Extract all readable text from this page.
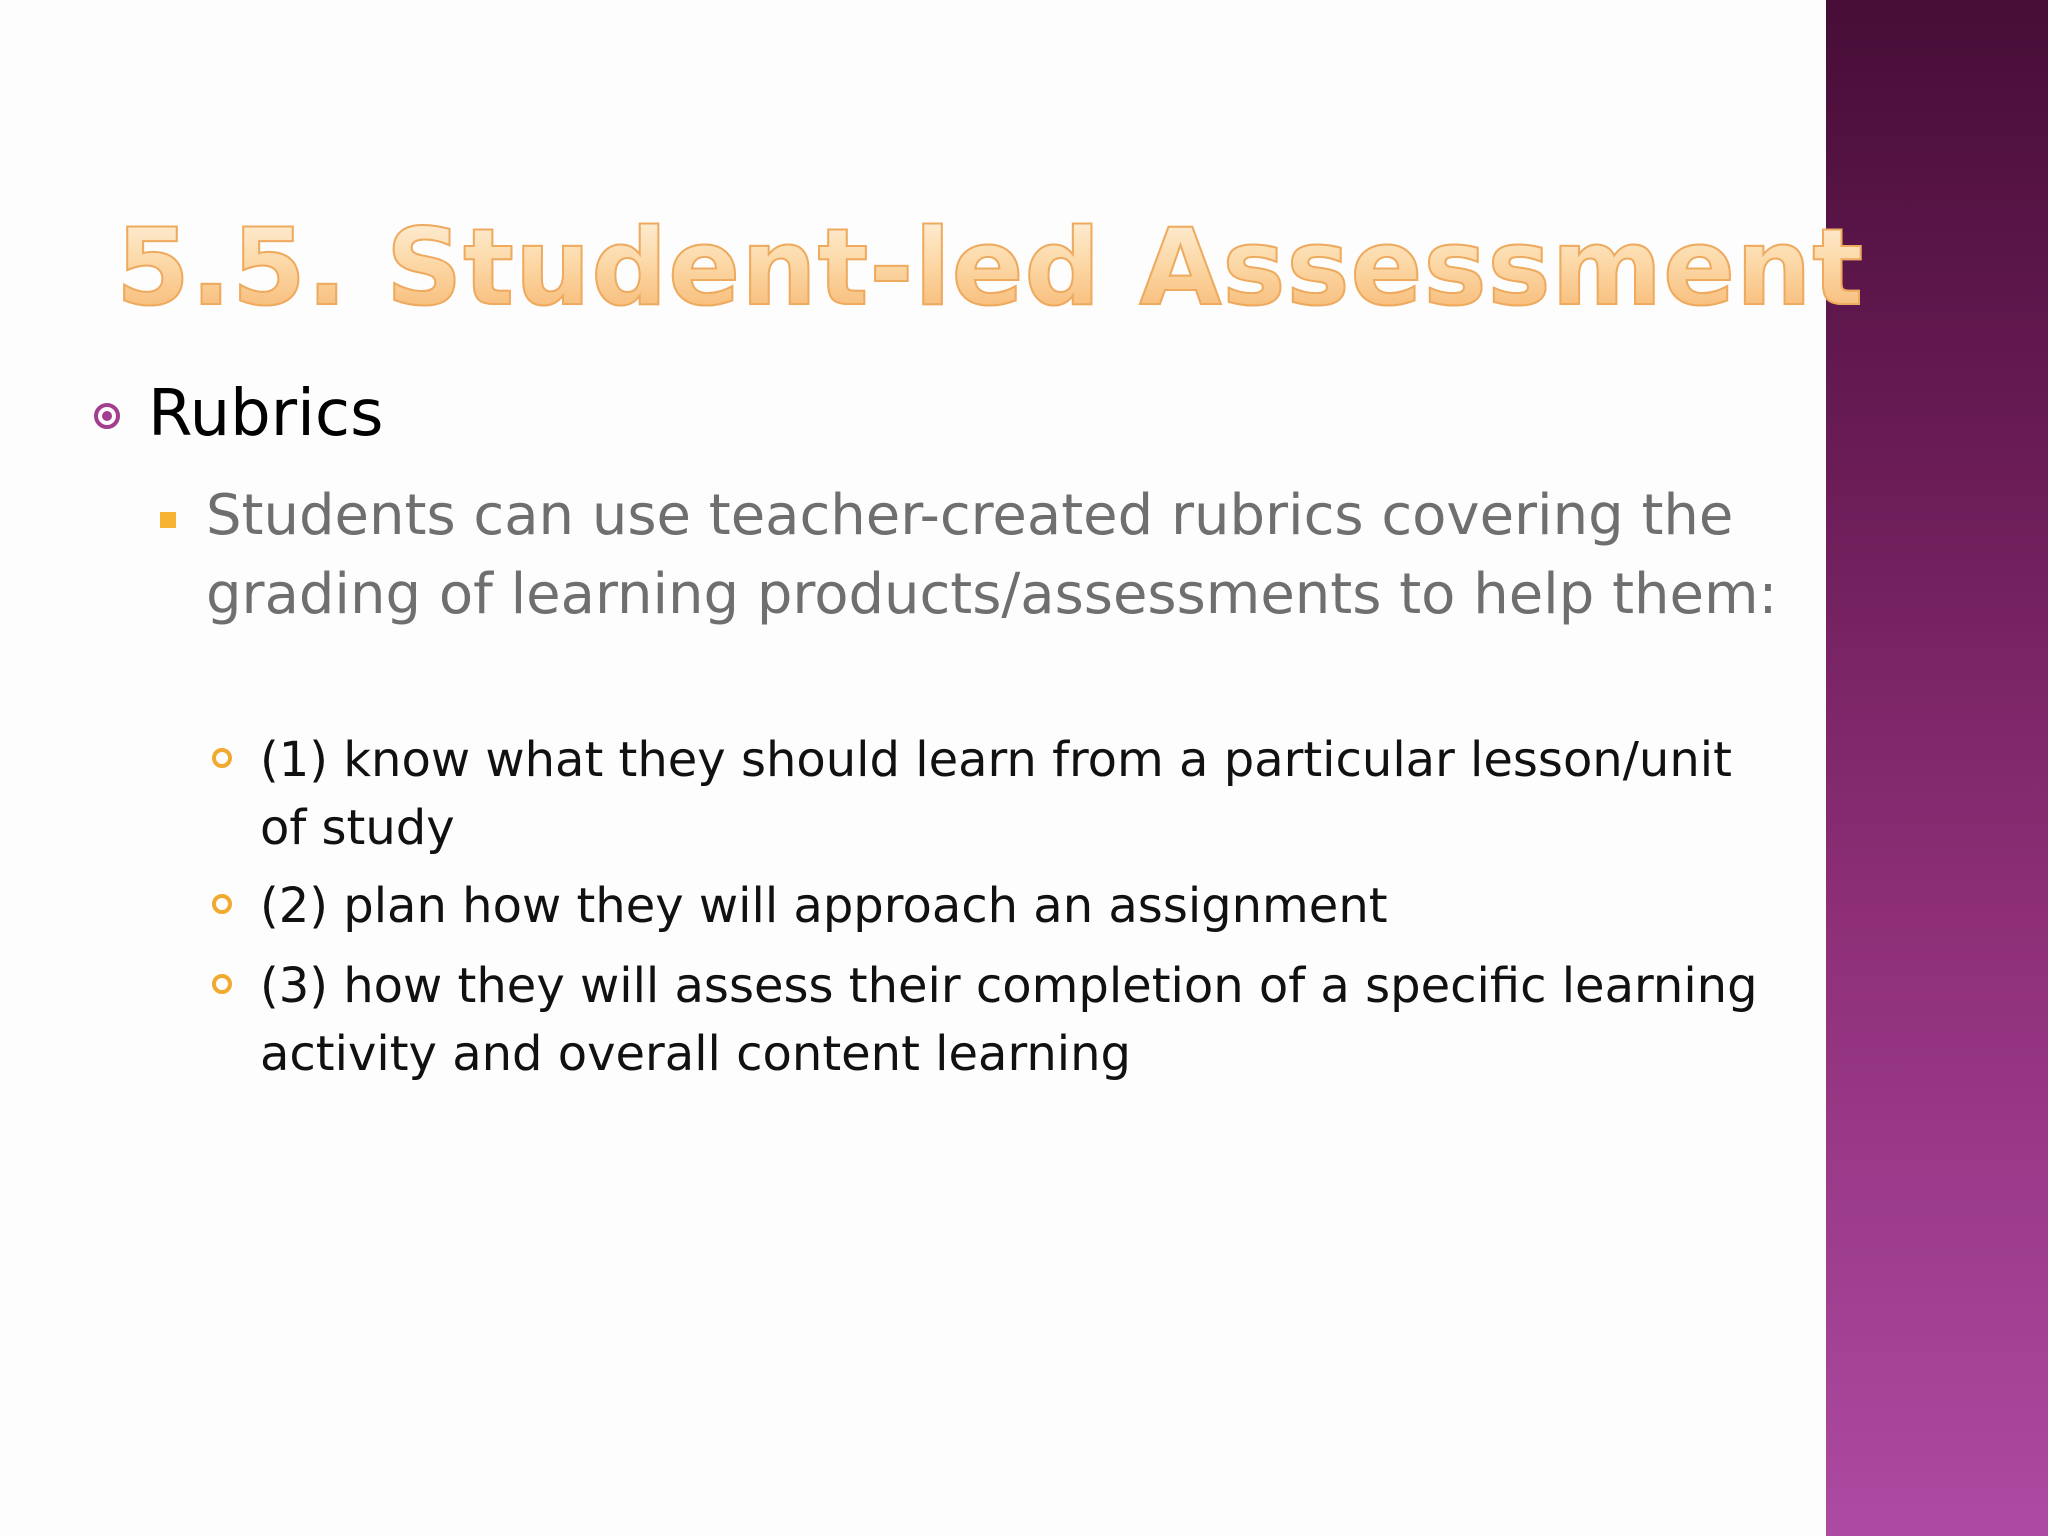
5.5. Student-led Assessment
Rubrics
Students can use teacher-created rubrics covering the grading of learning products/assessments to help them:
(1) know what they should learn from a particular lesson/unit of study
(2) plan how they will approach an assignment
(3) how they will assess their completion of a specific learning activity and overall content learning
